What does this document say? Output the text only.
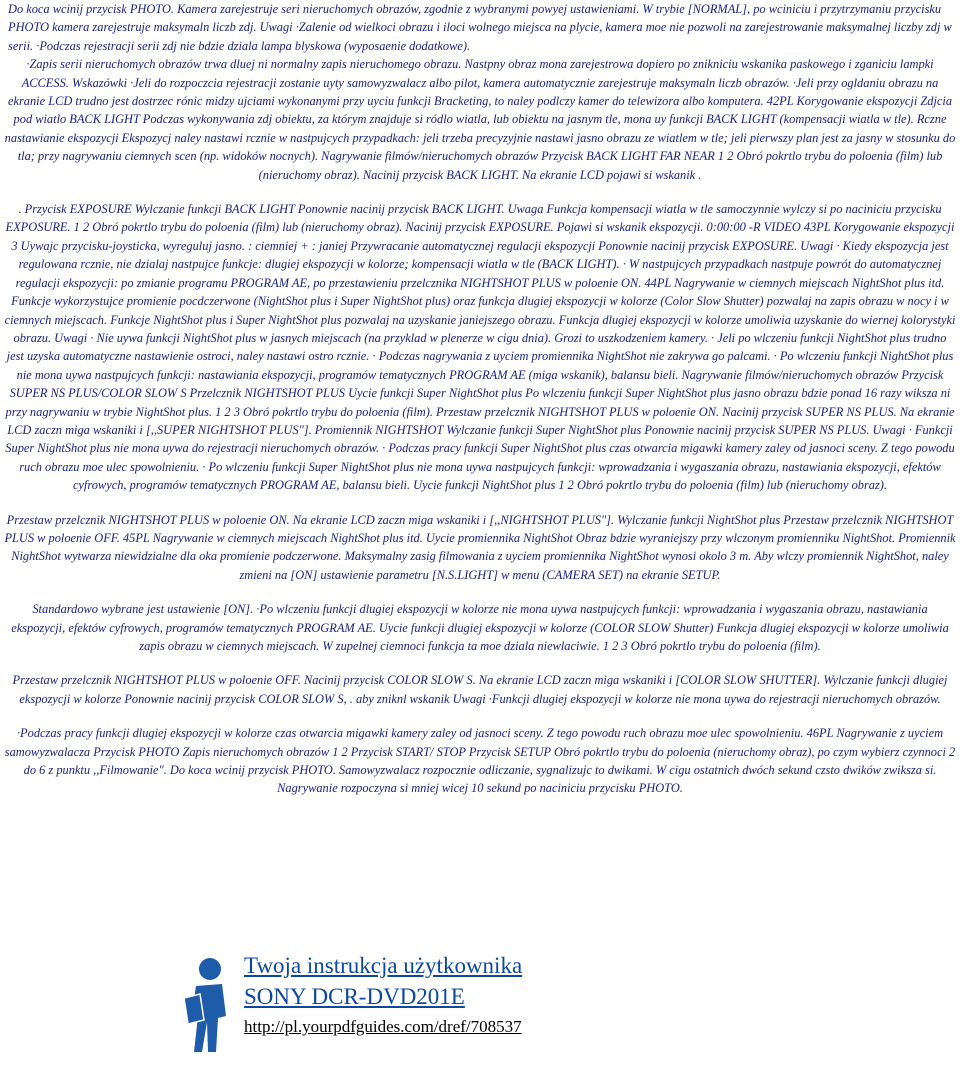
Do koca wcinij przycisk PHOTO. Kamera zarejestruje seri nieruchomych obrazów, zgodnie z wybranymi powyej ustawieniami. W trybie [NORMAL], po wciniciu i przytrzymaniu przycisku PHOTO kamera zarejestruje maksymaln liczb zdj. Uwagi ·Zalenie od wielkoci obrazu i iloci wolnego miejsca na plycie, kamera moe nie pozwoli na zarejestrowanie maksymalnej liczby zdj w serii. ·Podczas rejestracji serii zdj nie bdzie dziala lampa blyskowa (wyposaenie dodatkowe).

·Zapis serii nieruchomych obrazów trwa dluej ni normalny zapis nieruchomego obrazu. Nastpny obraz mona zarejestrowa dopiero po znikniciu wskanika paskowego i zganiciu lampki ACCESS. Wskazówki ·Jeli do rozpoczcia rejestracji zostanie uyty samowyzwalacz albo pilot, kamera automatycznie zarejestruje maksymaln liczb obrazów. ·Jeli przy ogldaniu obrazu na ekranie LCD trudno jest dostrzec rónic midzy ujciami wykonanymi przy uyciu funkcji Bracketing, to naley podlczy kamer do telewizora albo komputera. 42PL Korygowanie ekspozycji Zdjcia pod wiatlo BACK LIGHT Podczas wykonywania zdj obiektu, za którym znajduje si ródlo wiatla, lub obiektu na jasnym tle, mona uy funkcji BACK LIGHT (kompensacji wiatla w tle). Rczne nastawianie ekspozycji Ekspozycj naley nastawi rcznie w nastpujcych przypadkach: jeli trzeba precyzyjnie nastawi jasno obrazu ze wiatlem w tle; jeli pierwszy plan jest za jasny w stosunku do tla; przy nagrywaniu ciemnych scen (np. widoków nocnych). Nagrywanie filmów/nieruchomych obrazów Przycisk BACK LIGHT FAR NEAR 1 2 Obró pokrtlo trybu do poloenia (film) lub (nieruchomy obraz). Nacinij przycisk BACK LIGHT. Na ekranie LCD pojawi si wskanik .

. Przycisk EXPOSURE Wylczanie funkcji BACK LIGHT Ponownie nacinij przycisk BACK LIGHT. Uwaga Funkcja kompensacji wiatla w tle samoczynnie wylczy si po naciniciu przycisku EXPOSURE. 1 2 Obró pokrtlo trybu do poloenia (film) lub (nieruchomy obraz). Nacinij przycisk EXPOSURE. Pojawi si wskanik ekspozycji. 0:00:00 -R VIDEO 43PL Korygowanie ekspozycji 3 Uywajc przycisku-joysticka, wyreguluj jasno. : ciemniej + : janiej Przywracanie automatycznej regulacji ekspozycji Ponownie nacinij przycisk EXPOSURE. Uwagi · Kiedy ekspozycja jest regulowana rcznie, nie dzialaj nastpujce funkcje: dlugiej ekspozycji w kolorze; kompensacji wiatla w tle (BACK LIGHT). · W nastpujcych przypadkach nastpuje powrót do automatycznej regulacji ekspozycji: po zmianie programu PROGRAM AE, po przestawieniu przelcznika NIGHTSHOT PLUS w poloenie ON. 44PL Nagrywanie w ciemnych miejscach NightShot plus itd. Funkcje wykorzystujce promienie pocdczerwone (NightShot plus i Super NightShot plus) oraz funkcja dlugiej ekspozycji w kolorze (Color Slow Shutter) pozwalaj na zapis obrazu w nocy i w ciemnych miejscach. Funkcje NightShot plus i Super NightShot plus pozwalaj na uzyskanie janiejszego obrazu. Funkcja dlugiej ekspozycji w kolorze umoliwia uzyskanie do wiernej kolorystyki obrazu. Uwagi · Nie uywa funkcji NightShot plus w jasnych miejscach (na przyklad w plenerze w cigu dnia). Grozi to uszkodzeniem kamery. · Jeli po wlczeniu funkcji NightShot plus trudno jest uzyska automatyczne nastawienie ostroci, naley nastawi ostro rcznie. · Podczas nagrywania z uyciem promiennika NightShot nie zakrywa go palcami. · Po wlczeniu funkcji NightShot plus nie mona uywa nastpujcych funkcji: nastawiania ekspozycji, programów tematycznych PROGRAM AE (miga wskanik), balansu bieli. Nagrywanie filmów/nieruchomych obrazów Przycisk SUPER NS PLUS/COLOR SLOW S Przelcznik NIGHTSHOT PLUS Uycie funkcji Super NightShot plus Po wlczeniu funkcji Super NightShot plus jasno obrazu bdzie ponad 16 razy wiksza ni przy nagrywaniu w trybie NightShot plus. 1 2 3 Obró pokrtlo trybu do poloenia (film). Przestaw przelcznik NIGHTSHOT PLUS w poloenie ON. Nacinij przycisk SUPER NS PLUS. Na ekranie LCD zaczn miga wskaniki i [,,SUPER NIGHTSHOT PLUS"]. Promiennik NIGHTSHOT Wylczanie funkcji Super NightShot plus Ponownie nacinij przycisk SUPER NS PLUS. Uwagi · Funkcji Super NightShot plus nie mona uywa do rejestracji nieruchomych obrazów. · Podczas pracy funkcji Super NightShot plus czas otwarcia migawki kamery zaley od jasnoci sceny. Z tego powodu ruch obrazu moe ulec spowolnieniu. · Po wlczeniu funkcji Super NightShot plus nie mona uywa nastpujcych funkcji: wprowadzania i wygaszania obrazu, nastawiania ekspozycji, efektów cyfrowych, programów tematycznych PROGRAM AE, balansu bieli. Uycie funkcji NightShot plus 1 2 Obró pokrtlo trybu do poloenia (film) lub (nieruchomy obraz).

Przestaw przelcznik NIGHTSHOT PLUS w poloenie ON. Na ekranie LCD zaczn miga wskaniki i [,,NIGHTSHOT PLUS"]. Wylczanie funkcji NightShot plus Przestaw przelcznik NIGHTSHOT PLUS w poloenie OFF. 45PL Nagrywanie w ciemnych miejscach NightShot plus itd. Uycie promiennika NightShot Obraz bdzie wyraniejszy przy wlczonym promienniku NightShot. Promiennik NightShot wytwarza niewidzialne dla oka promienie podczerwone. Maksymalny zasig filmowania z uyciem promiennika NightShot wynosi okolo 3 m. Aby wlczy promiennik NightShot, naley zmieni na [ON] ustawienie parametru [N.S.LIGHT] w menu (CAMERA SET) na ekranie SETUP.

Standardowo wybrane jest ustawienie [ON]. ·Po wlczeniu funkcji dlugiej ekspozycji w kolorze nie mona uywa nastpujcych funkcji: wprowadzania i wygaszania obrazu, nastawiania ekspozycji, efektów cyfrowych, programów tematycznych PROGRAM AE. Uycie funkcji dlugiej ekspozycji w kolorze (COLOR SLOW Shutter) Funkcja dlugiej ekspozycji w kolorze umoliwia zapis obrazu w ciemnych miejscach. W zupelnej ciemnoci funkcja ta moe dziala niewlaciwie. 1 2 3 Obró pokrtlo trybu do poloenia (film).

Przestaw przelcznik NIGHTSHOT PLUS w poloenie OFF. Nacinij przycisk COLOR SLOW S. Na ekranie LCD zaczn miga wskaniki i [COLOR SLOW SHUTTER]. Wylczanie funkcji dlugiej ekspozycji w kolorze Ponownie nacinij przycisk COLOR SLOW S, . aby zniknl wskanik Uwagi ·Funkcji dlugiej ekspozycji w kolorze nie mona uywa do rejestracji nieruchomych obrazów.

·Podczas pracy funkcji dlugiej ekspozycji w kolorze czas otwarcia migawki kamery zaley od jasnoci sceny. Z tego powodu ruch obrazu moe ulec spowolnieniu. 46PL Nagrywanie z uyciem samowyzwalacza Przycisk PHOTO Zapis nieruchomych obrazów 1 2 Przycisk START/ STOP Przycisk SETUP Obró pokrtlo trybu do poloenia (nieruchomy obraz), po czym wybierz czynnoci 2 do 6 z punktu ,,Filmowanie". Do koca wcinij przycisk PHOTO. Samowyzwalacz rozpocznie odliczanie, sygnalizujc to dwikami. W cigu ostatnich dwóch sekund czsto dwików zwiksza si. Nagrywanie rozpoczyna si mniej wicej 10 sekund po naciniciu przycisku PHOTO.

Twoja instrukcja użytkownika
SONY DCR-DVD201E
http://pl.yourpdfguides.com/dref/708537
